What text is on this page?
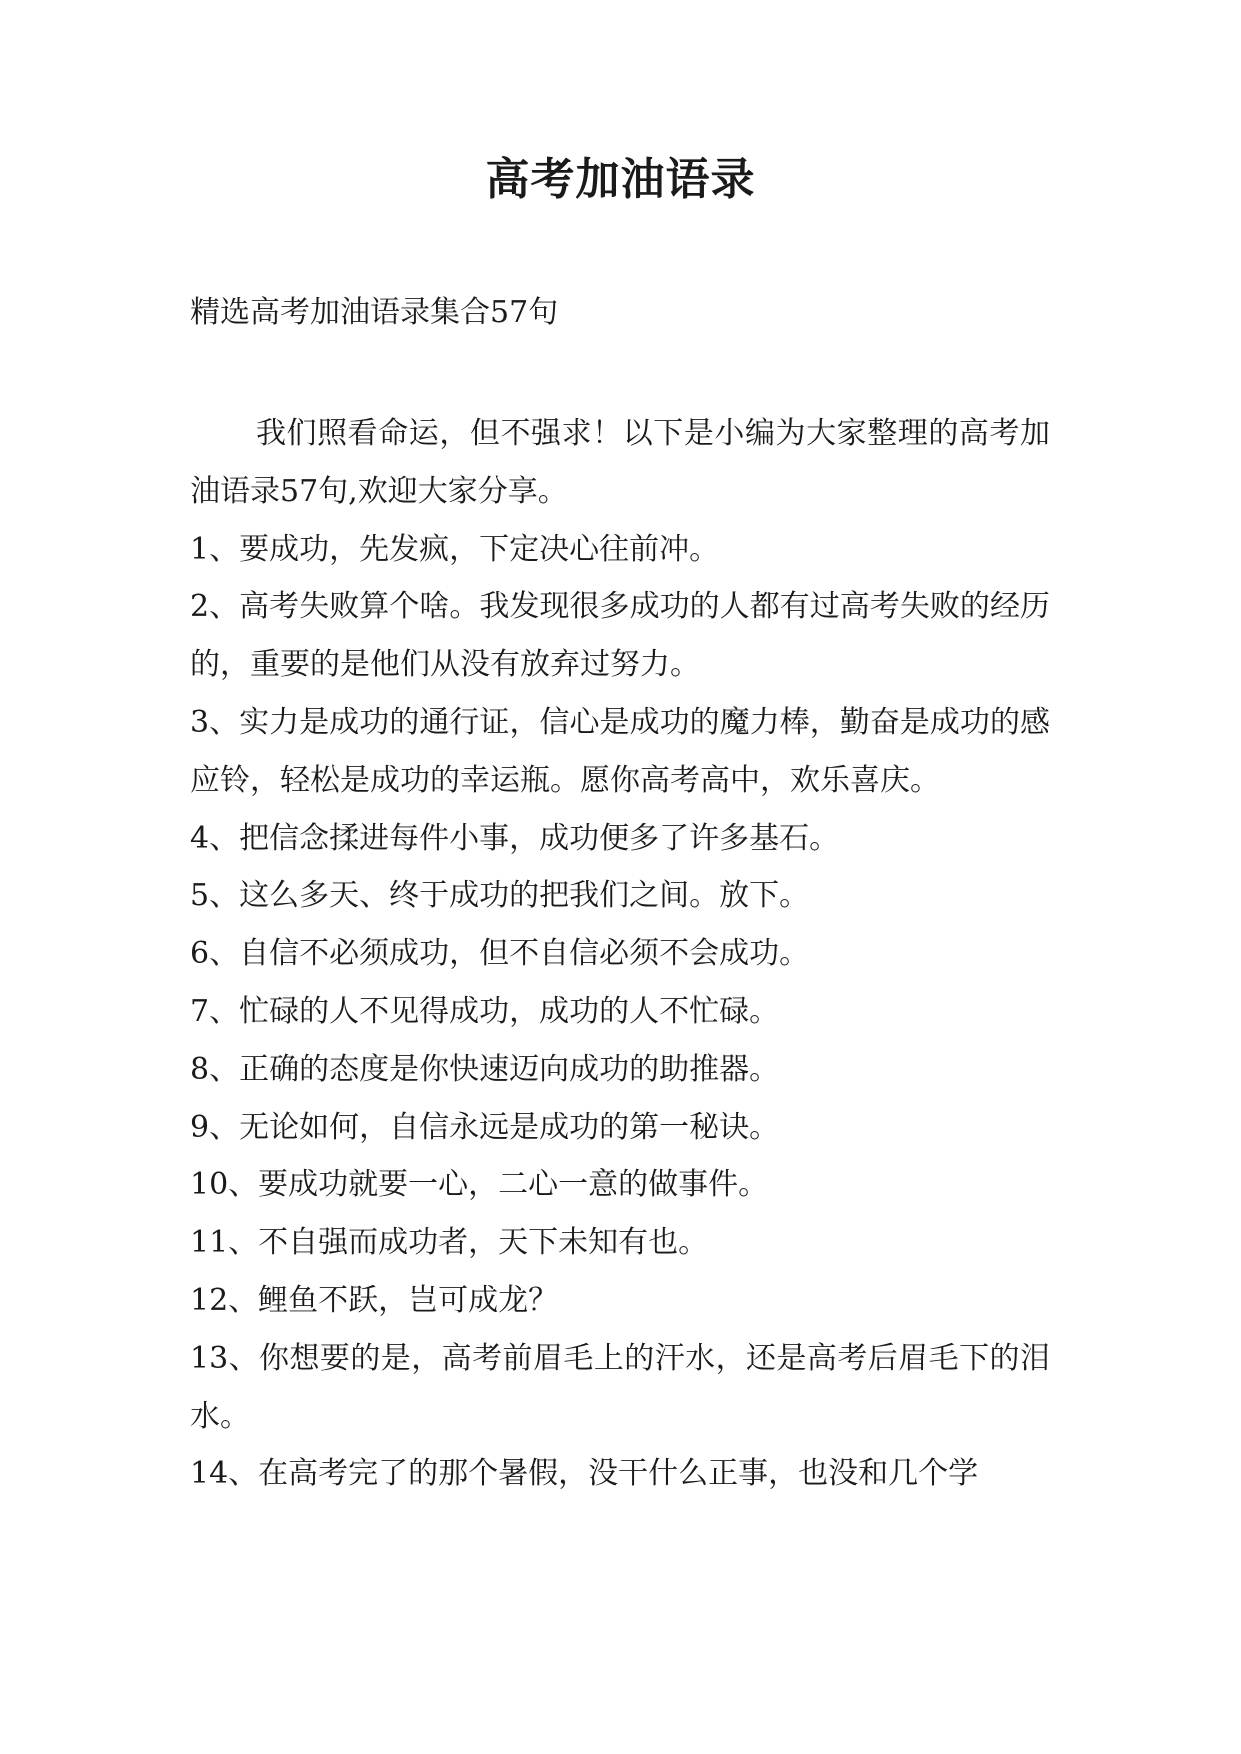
高考加油语录
精选高考加油语录集合57句

我们照看命运，但不强求！以下是小编为大家整理的高考加油语录57句,欢迎大家分享。

1、要成功，先发疯，下定决心往前冲。

2、高考失败算个啥。我发现很多成功的人都有过高考失败的经历的，重要的是他们从没有放弃过努力。

3、实力是成功的通行证，信心是成功的魔力棒，勤奋是成功的感应铃，轻松是成功的幸运瓶。愿你高考高中，欢乐喜庆。

4、把信念揉进每件小事，成功便多了许多基石。

5、这么多天、终于成功的把我们之间。放下。

6、自信不必须成功，但不自信必须不会成功。

7、忙碌的人不见得成功，成功的人不忙碌。

8、正确的态度是你快速迈向成功的助推器。

9、无论如何，自信永远是成功的第一秘诀。

10、要成功就要一心，二心一意的做事件。

11、不自强而成功者，天下未知有也。

12、鲤鱼不跃，岂可成龙？

13、你想要的是，高考前眉毛上的汗水，还是高考后眉毛下的泪水。

14、在高考完了的那个暑假，没干什么正事，也没和几个学
